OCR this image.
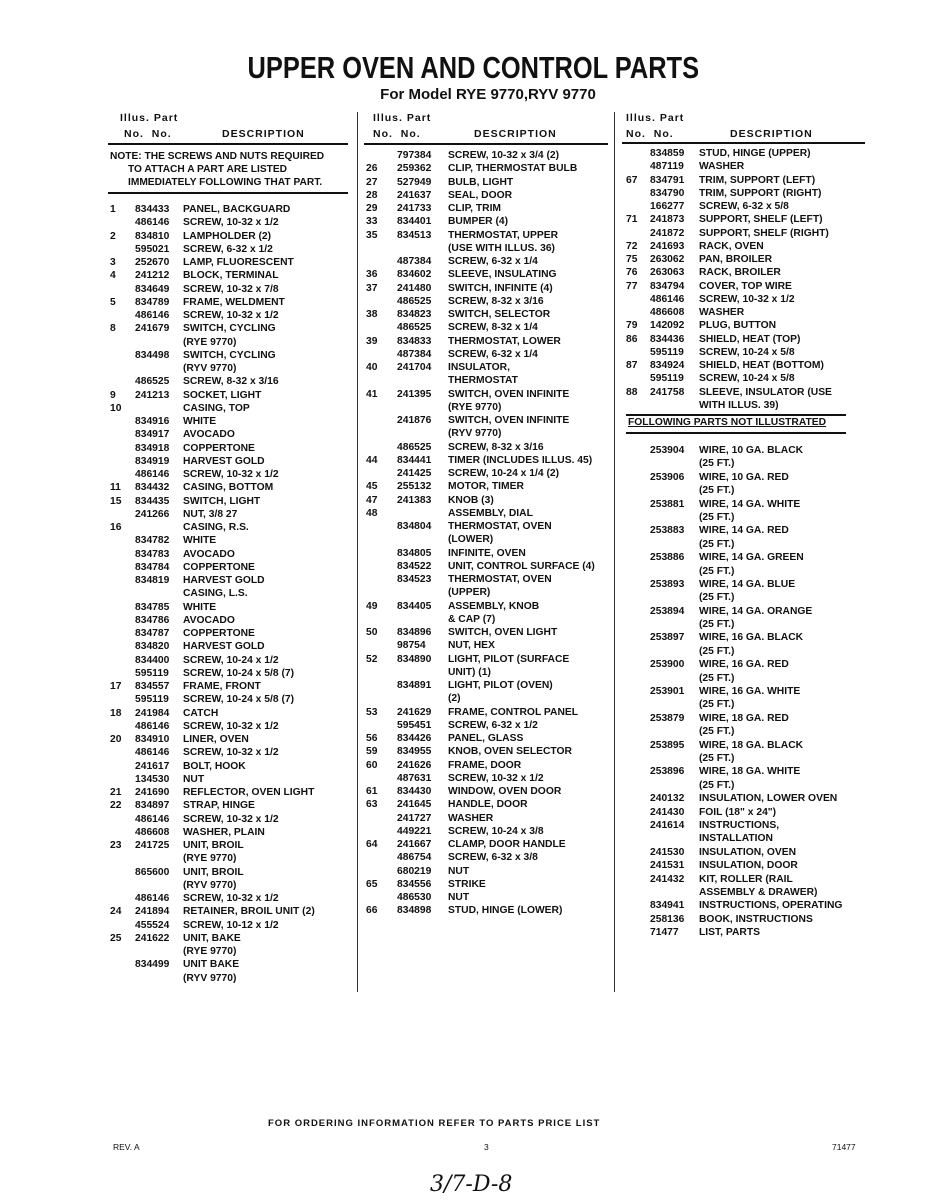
UPPER OVEN AND CONTROL PARTS
For Model RYE 9770,RYV 9770
Illus. Part
No. No.	DESCRIPTION
NOTE: THE SCREWS AND NUTS REQUIRED
TO ATTACH A PART ARE LISTED
IMMEDIATELY FOLLOWING THAT PART.
1 834433 PANEL, BACKGUARD
486146 SCREW, 10-32 x 1/2
2 834810 LAMPHOLDER (2)
595021 SCREW, 6-32 x 1/2
3 252670 LAMP, FLUORESCENT
4 241212 BLOCK, TERMINAL
834649 SCREW, 10-32 x 7/8
5 834789 FRAME, WELDMENT
486146 SCREW, 10-32 x 1/2
8 241679 SWITCH, CYCLING
(RYE 9770)
834498 SWITCH, CYCLING
(RYV 9770)
486525 SCREW, 8-32 x 3/16
9 241213 SOCKET, LIGHT
10	CASING, TOP
834916 WHITE
834917 AVOCADO
834918 COPPERTONE
834919 HARVEST GOLD
486146 SCREW, 10-32 x 1/2
11 834432 CASING, BOTTOM
15 834435 SWITCH, LIGHT
241266 NUT, 3/8 27
16	CASING, R.S.
834782 WHITE
834783 AVOCADO
834784 COPPERTONE
834819 HARVEST GOLD
CASING, L.S.
834785 WHITE
834786 AVOCADO
834787 COPPERTONE
834820 HARVEST GOLD
834400 SCREW, 10-24 x 1/2
595119 SCREW, 10-24 x 5/8 (7)
17 834557 FRAME, FRONT
595119 SCREW, 10-24 x 5/8 (7)
18 241984 CATCH
486146 SCREW, 10-32 x 1/2
20 834910 LINER, OVEN
486146 SCREW, 10-32 x 1/2
241617 BOLT, HOOK
134530 NUT
21 241690 REFLECTOR, OVEN LIGHT
22 834897 STRAP, HINGE
486146 SCREW, 10-32 x 1/2
486608 WASHER, PLAIN
23 241725 UNIT, BROIL
(RYE 9770)
865600 UNIT, BROIL
(RYV 9770)
486146 SCREW, 10-32 x 1/2
24 241894 RETAINER, BROIL UNIT (2)
455524 SCREW, 10-12 x 1/2
25 241622 UNIT, BAKE
(RYE 9770)
834499 UNIT BAKE
(RYV 9770)
Illus. Part
No. No.	DESCRIPTION
797384 SCREW, 10-32 x 3/4 (2)
26 259362 CLIP, THERMOSTAT BULB
27 527949 BULB, LIGHT
28 241637 SEAL, DOOR
29 241733 CLIP, TRIM
33 834401 BUMPER (4)
35 834513 THERMOSTAT, UPPER
(USE WITH ILLUS. 36)
487384 SCREW, 6-32 x 1/4
36 834602 SLEEVE, INSULATING
37 241480 SWITCH, INFINITE (4)
486525 SCREW, 8-32 x 3/16
38 834823 SWITCH, SELECTOR
486525 SCREW, 8-32 x 1/4
39 834833 THERMOSTAT, LOWER
487384 SCREW, 6-32 x 1/4
40 241704 INSULATOR,
THERMOSTAT
41 241395 SWITCH, OVEN INFINITE
(RYE 9770)
241876 SWITCH, OVEN INFINITE
(RYV 9770)
486525 SCREW, 8-32 x 3/16
44 834441 TIMER (INCLUDES ILLUS. 45)
241425 SCREW, 10-24 x 1/4 (2)
45 255132 MOTOR, TIMER
47 241383 KNOB (3)
48	ASSEMBLY, DIAL
834804 THERMOSTAT, OVEN
(LOWER)
834805 INFINITE, OVEN
834522 UNIT, CONTROL SURFACE (4)
834523 THERMOSTAT, OVEN
(UPPER)
49 834405 ASSEMBLY, KNOB
& CAP (7)
50 834896 SWITCH, OVEN LIGHT
98754 NUT, HEX
52 834890 LIGHT, PILOT (SURFACE
UNIT) (1)
834891 LIGHT, PILOT (OVEN)
(2)
53 241629 FRAME, CONTROL PANEL
595451 SCREW, 6-32 x 1/2
56 834426 PANEL, GLASS
59 834955 KNOB, OVEN SELECTOR
60 241626 FRAME, DOOR
487631 SCREW, 10-32 x 1/2
61 834430 WINDOW, OVEN DOOR
63 241645 HANDLE, DOOR
241727 WASHER
449221 SCREW, 10-24 x 3/8
64 241667 CLAMP, DOOR HANDLE
486754 SCREW, 6-32 x 3/8
680219 NUT
65 834556 STRIKE
486530 NUT
66 834898 STUD, HINGE (LOWER)
Illus. Part
No. No.	DESCRIPTION
834859 STUD, HINGE (UPPER)
487119 WASHER
67 834791 TRIM, SUPPORT (LEFT)
834790 TRIM, SUPPORT (RIGHT)
166277 SCREW, 6-32 x 5/8
71 241873 SUPPORT, SHELF (LEFT)
241872 SUPPORT, SHELF (RIGHT)
72 241693 RACK, OVEN
75 263062 PAN, BROILER
76 263063 RACK, BROILER
77 834794 COVER, TOP WIRE
486146 SCREW, 10-32 x 1/2
486608 WASHER
79 142092 PLUG, BUTTON
86 834436 SHIELD, HEAT (TOP)
595119 SCREW, 10-24 x 5/8
87 834924 SHIELD, HEAT (BOTTOM)
595119 SCREW, 10-24 x 5/8
88 241758 SLEEVE, INSULATOR (USE
WITH ILLUS. 39)
FOLLOWING PARTS NOT ILLUSTRATED
253904 WIRE, 10 GA. BLACK
(25 FT.)
253906 WIRE, 10 GA. RED
(25 FT.)
253881 WIRE, 14 GA. WHITE
(25 FT.)
253883 WIRE, 14 GA. RED
(25 FT.)
253886 WIRE, 14 GA. GREEN
(25 FT.)
253893 WIRE, 14 GA. BLUE
(25 FT.)
253894 WIRE, 14 GA. ORANGE
(25 FT.)
253897 WIRE, 16 GA. BLACK
(25 FT.)
253900 WIRE, 16 GA. RED
(25 FT.)
253901 WIRE, 16 GA. WHITE
(25 FT.)
253879 WIRE, 18 GA. RED
(25 FT.)
253895 WIRE, 18 GA. BLACK
(25 FT.)
253896 WIRE, 18 GA. WHITE
(25 FT.)
240132 INSULATION, LOWER OVEN
241430 FOIL (18" x 24")
241614 INSTRUCTIONS,
INSTALLATION
241530 INSULATION, OVEN
241531 INSULATION, DOOR
241432 KIT, ROLLER (RAIL
ASSEMBLY & DRAWER)
834941 INSTRUCTIONS, OPERATING
258136 BOOK, INSTRUCTIONS
71477 LIST, PARTS
FOR ORDERING INFORMATION REFER TO PARTS PRICE LIST
REV. A	3	71477
3/7-D-8
